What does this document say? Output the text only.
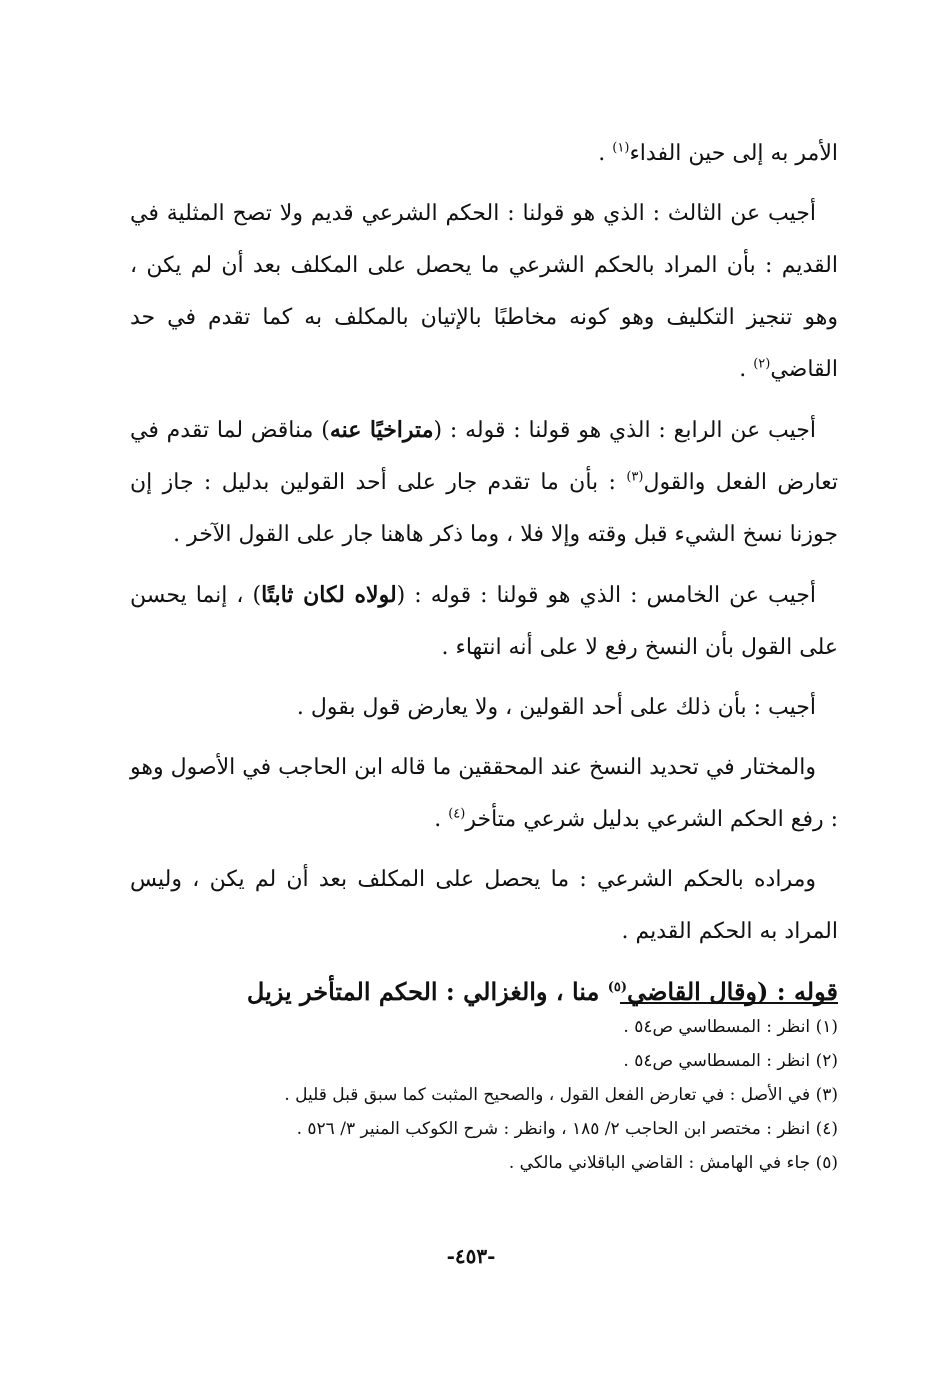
الأمر به إلى حين الفداء$^{(١)}$ .

أجيب عن الثالث : الذي هو قولنا : الحكم الشرعي قديم ولا تصح المثلية في القديم : بأن المراد بالحكم الشرعي ما يحصل على المكلف بعد أن لم يكن ، وهو تنجيز التكليف وهو كونه مخاطبًا بالإتيان بالمكلف به كما تقدم في حد القاضي$^{(٢)}$ .

أجيب عن الرابع : الذي هو قولنا : قوله : (متراخيًا عنه) مناقض لما تقدم في تعارض الفعل والقول$^{(٣)}$ : بأن ما تقدم جار على أحد القولين بدليل : جاز إن جوزنا نسخ الشيء قبل وقته وإلا فلا ، وما ذكر هاهنا جار على القول الآخر .

أجيب عن الخامس : الذي هو قولنا : قوله : (لولاه لكان ثابتًا) ، إنما يحسن على القول بأن النسخ رفع لا على أنه انتهاء .

أجيب : بأن ذلك على أحد القولين ، ولا يعارض قول بقول .

والمختار في تحديد النسخ عند المحققين ما قاله ابن الحاجب في الأصول وهو : رفع الحكم الشرعي بدليل شرعي متأخر$^{(٤)}$ .

ومراده بالحكم الشرعي : ما يحصل على المكلف بعد أن لم يكن ، وليس المراد به الحكم القديم .

قوله : (وقال القاضي$^{(٥)}$ منا ، والغزالي : الحكم المتأخر يزيل

(١) انظر : المسطاسي ص٥٤ .
(٢) انظر : المسطاسي ص٥٤ .
(٣) في الأصل : في تعارض الفعل القول ، والصحيح المثبت كما سبق قبل قليل .
(٤) انظر : مختصر ابن الحاجب ٢/ ١٨٥ ، وانظر : شرح الكوكب المنير ٣/ ٥٢٦ .
(٥) جاء في الهامش : القاضي الباقلاني مالكي .
-٤٥٣-
